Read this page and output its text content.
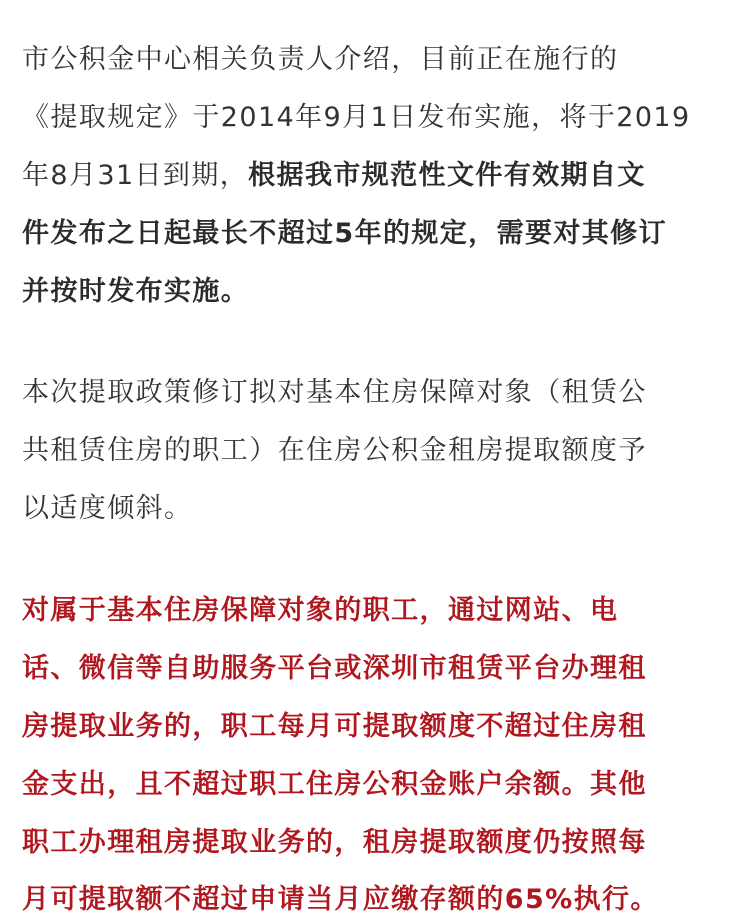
市公积金中心相关负责人介绍，目前正在施行的
《提取规定》于2014年9月1日发布实施，将于2019
年8月31日到期，根据我市规范性文件有效期自文
件发布之日起最长不超过5年的规定，需要对其修订
并按时发布实施。
本次提取政策修订拟对基本住房保障对象（租赁公
共租赁住房的职工）在住房公积金租房提取额度予
以适度倾斜。
对属于基本住房保障对象的职工，通过网站、电
话、微信等自助服务平台或深圳市租赁平台办理租
房提取业务的，职工每月可提取额度不超过住房租
金支出，且不超过职工住房公积金账户余额。其他
职工办理租房提取业务的，租房提取额度仍按照每
月可提取额不超过申请当月应缴存额的65%执行。
